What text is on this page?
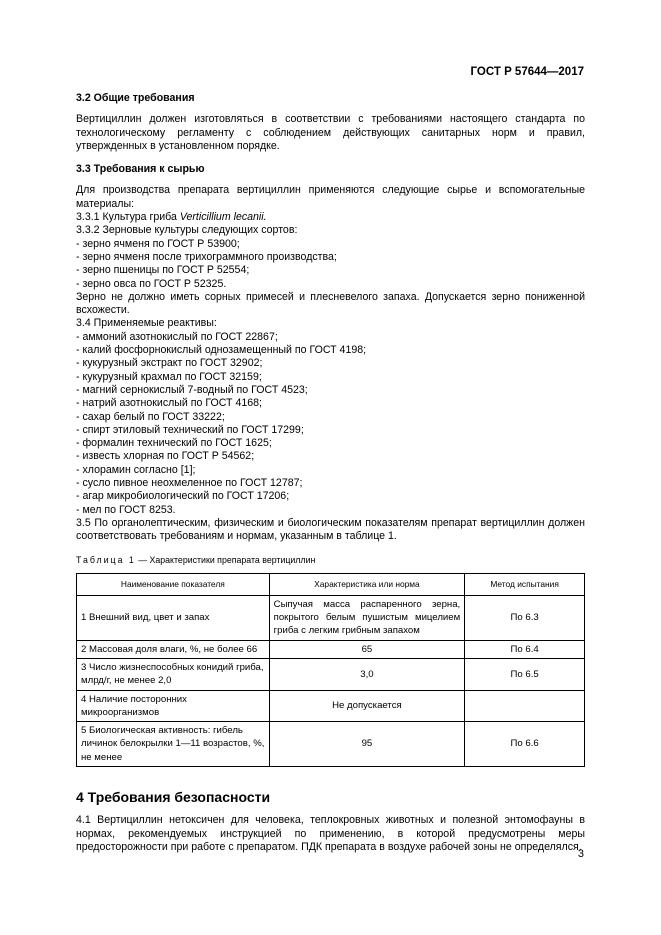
ГОСТ Р 57644—2017
3.2 Общие требования

Вертициллин должен изготовляться в соответствии с требованиями настоящего стандарта по технологическому регламенту с соблюдением действующих санитарных норм и правил, утвержденных в установленном порядке.

3.3 Требования к сырью

Для производства препарата вертициллин применяются следующие сырье и вспомогательные материалы:

3.3.1 Культура гриба Verticillium lecanii.

3.3.2 Зерновые культуры следующих сортов:

- зерно ячменя по ГОСТ Р 53900;

- зерно ячменя после трихограммного производства;

- зерно пшеницы по ГОСТ Р 52554;

- зерно овса по ГОСТ Р 52325.

Зерно не должно иметь сорных примесей и плесневелого запаха. Допускается зерно пониженной всхожести.

3.4 Применяемые реактивы:

- аммоний азотнокислый по ГОСТ 22867;

- калий фосфорнокислый однозамещенный по ГОСТ 4198;

- кукурузный экстракт по ГОСТ 32902;

- кукурузный крахмал по ГОСТ 32159;

- магний сернокислый 7-водный по ГОСТ 4523;

- натрий азотнокислый по ГОСТ 4168;

- сахар белый по ГОСТ 33222;

- спирт этиловый технический по ГОСТ 17299;

- формалин технический по ГОСТ 1625;

- известь хлорная по ГОСТ Р 54562;

- хлорамин согласно [1];

- сусло пивное неохмеленное по ГОСТ 12787;

- агар микробиологический по ГОСТ 17206;

- мел по ГОСТ 8253.

3.5 По органолептическим, физическим и биологическим показателям препарат вертициллин должен соответствовать требованиям и нормам, указанным в таблице 1.

Таблица 1 — Характеристики препарата вертициллин
Наименование показателя	Характеристика или норма	Метод испытания
1 Внешний вид, цвет и запах	Сыпучая масса распаренного зерна, покрытого белым пушистым мицелием гриба с легким грибным запахом	По 6.3
2 Массовая доля влаги, %, не более 66	65	По 6.4
3 Число жизнеспособных конидий гриба, млрд/г, не менее 2,0	3,0	По 6.5
4 Наличие посторонних микроорганизмов	Не допускается	
5 Биологическая активность: гибель личинок белокрылки 1—11 возрастов, %, не менее	95	По 6.6
4 Требования безопасности

4.1 Вертициллин нетоксичен для человека, теплокровных животных и полезной энтомофауны в нормах, рекомендуемых инструкцией по применению, в которой предусмотрены меры предосторожности при работе с препаратом. ПДК препарата в воздухе рабочей зоны не определялся.

3
